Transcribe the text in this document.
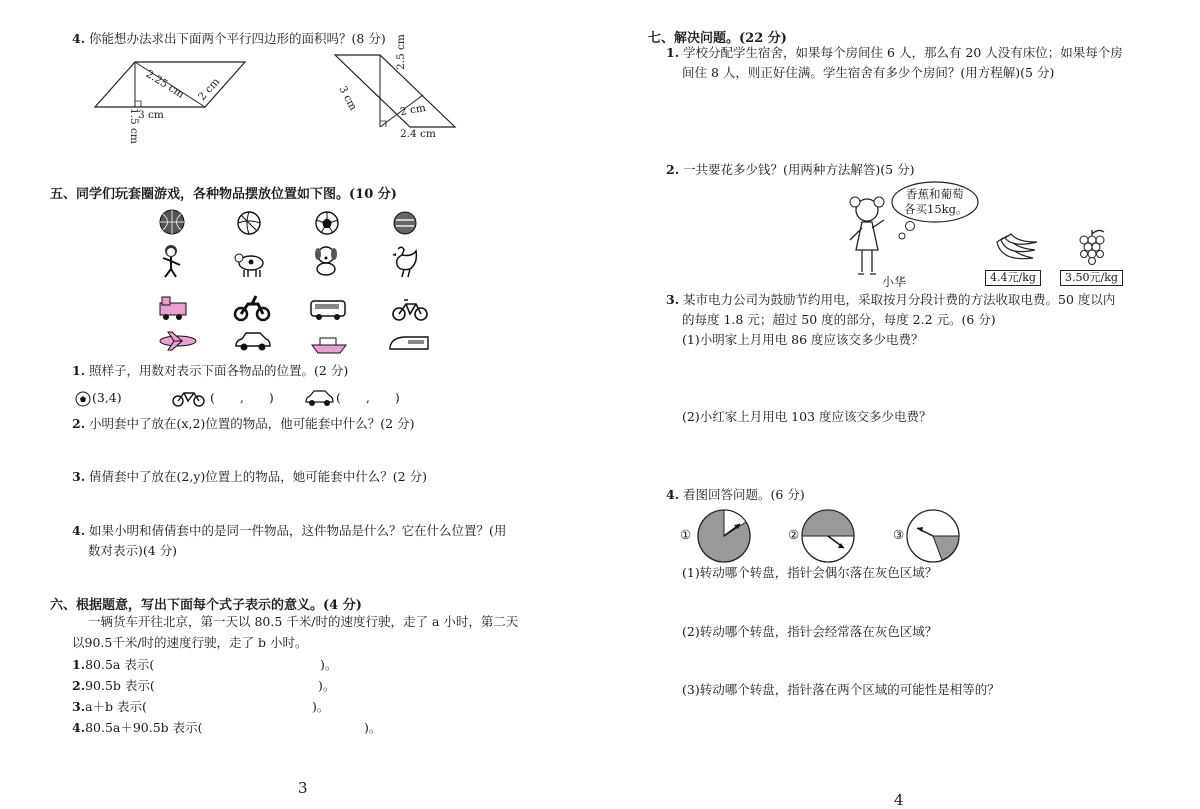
4. 你能想办法求出下面两个平行四边形的面积吗？(8 分)
2.25 cm 2 cm
1.5 cm
3 cm
3 cm
2.5 cm
2 cm
2.4 cm
五、同学们玩套圈游戏，各种物品摆放位置如下图。(10 分)
1. 照样子，用数对表示下面各物品的位置。(2 分)
(3,4)	(　　,　　)	(　　,　　)
2. 小明套中了放在(x,2)位置的物品，他可能套中什么？(2 分)
3. 倩倩套中了放在(2,y)位置上的物品，她可能套中什么？(2 分)
4. 如果小明和倩倩套中的是同一件物品，这件物品是什么？它在什么位置？(用
数对表示)(4 分)
六、根据题意，写出下面每个式子表示的意义。(4 分)
一辆货车开往北京，第一天以 80.5 千米/时的速度行驶，走了 a 小时，第二天
以90.5千米/时的速度行驶，走了 b 小时。
1.80.5a 表示(	)。
2.90.5b 表示(	)。
3.a＋b 表示(	)。
4.80.5a＋90.5b 表示(	)。
3
七、解决问题。(22 分)
1. 学校分配学生宿舍，如果每个房间住 6 人，那么有 20 人没有床位；如果每个房
间住 8 人，则正好住满。学生宿舍有多少个房间？(用方程解)(5 分)
2. 一共要花多少钱？(用两种方法解答)(5 分)
香蕉和葡萄
各买15kg。
小华	4.4元/kg	3.50元/kg
3. 某市电力公司为鼓励节约用电，采取按月分段计费的方法收取电费。50 度以内
的每度 1.8 元；超过 50 度的部分，每度 2.2 元。(6 分)
(1)小明家上月用电 86 度应该交多少电费？
(2)小红家上月用电 103 度应该交多少电费？
4. 看图回答问题。(6 分)
①	②	③
(1)转动哪个转盘，指针会偶尔落在灰色区域？
(2)转动哪个转盘，指针会经常落在灰色区域？
(3)转动哪个转盘，指针落在两个区域的可能性是相等的？
4
